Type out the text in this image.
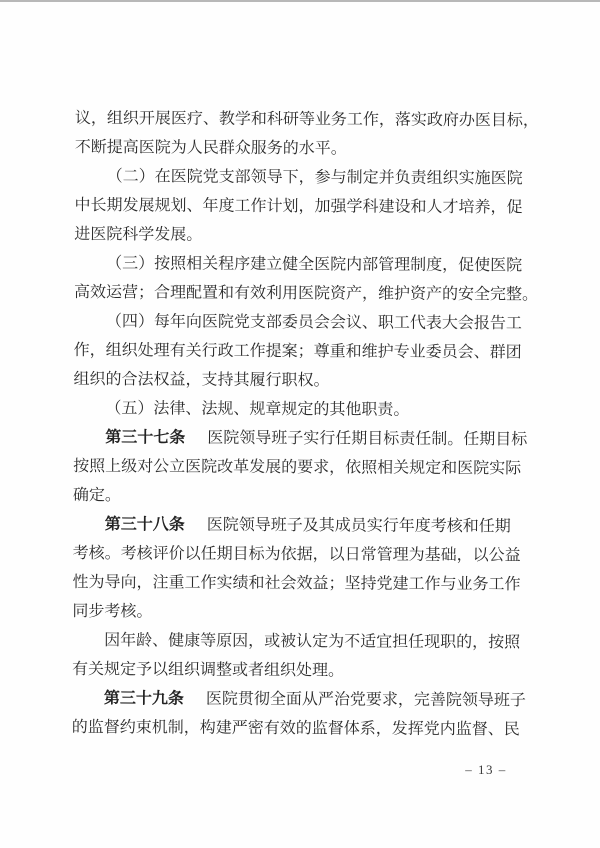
议，组织开展医疗、教学和科研等业务工作，落实政府办医目标，
不断提高医院为人民群众服务的水平。
（二）在医院党支部领导下，参与制定并负责组织实施医院
中长期发展规划、年度工作计划，加强学科建设和人才培养，促
进医院科学发展。
（三）按照相关程序建立健全医院内部管理制度，促使医院
高效运营；合理配置和有效利用医院资产，维护资产的安全完整。
（四）每年向医院党支部委员会会议、职工代表大会报告工
作，组织处理有关行政工作提案；尊重和维护专业委员会、群团
组织的合法权益，支持其履行职权。
（五）法律、法规、规章规定的其他职责。
第三十七条 医院领导班子实行任期目标责任制。任期目标
按照上级对公立医院改革发展的要求，依照相关规定和医院实际
确定。
第三十八条 医院领导班子及其成员实行年度考核和任期
考核。考核评价以任期目标为依据，以日常管理为基础，以公益
性为导向，注重工作实绩和社会效益；坚持党建工作与业务工作
同步考核。
因年龄、健康等原因，或被认定为不适宜担任现职的，按照
有关规定予以组织调整或者组织处理。
第三十九条 医院贯彻全面从严治党要求，完善院领导班子
的监督约束机制，构建严密有效的监督体系，发挥党内监督、民
– 13 –
